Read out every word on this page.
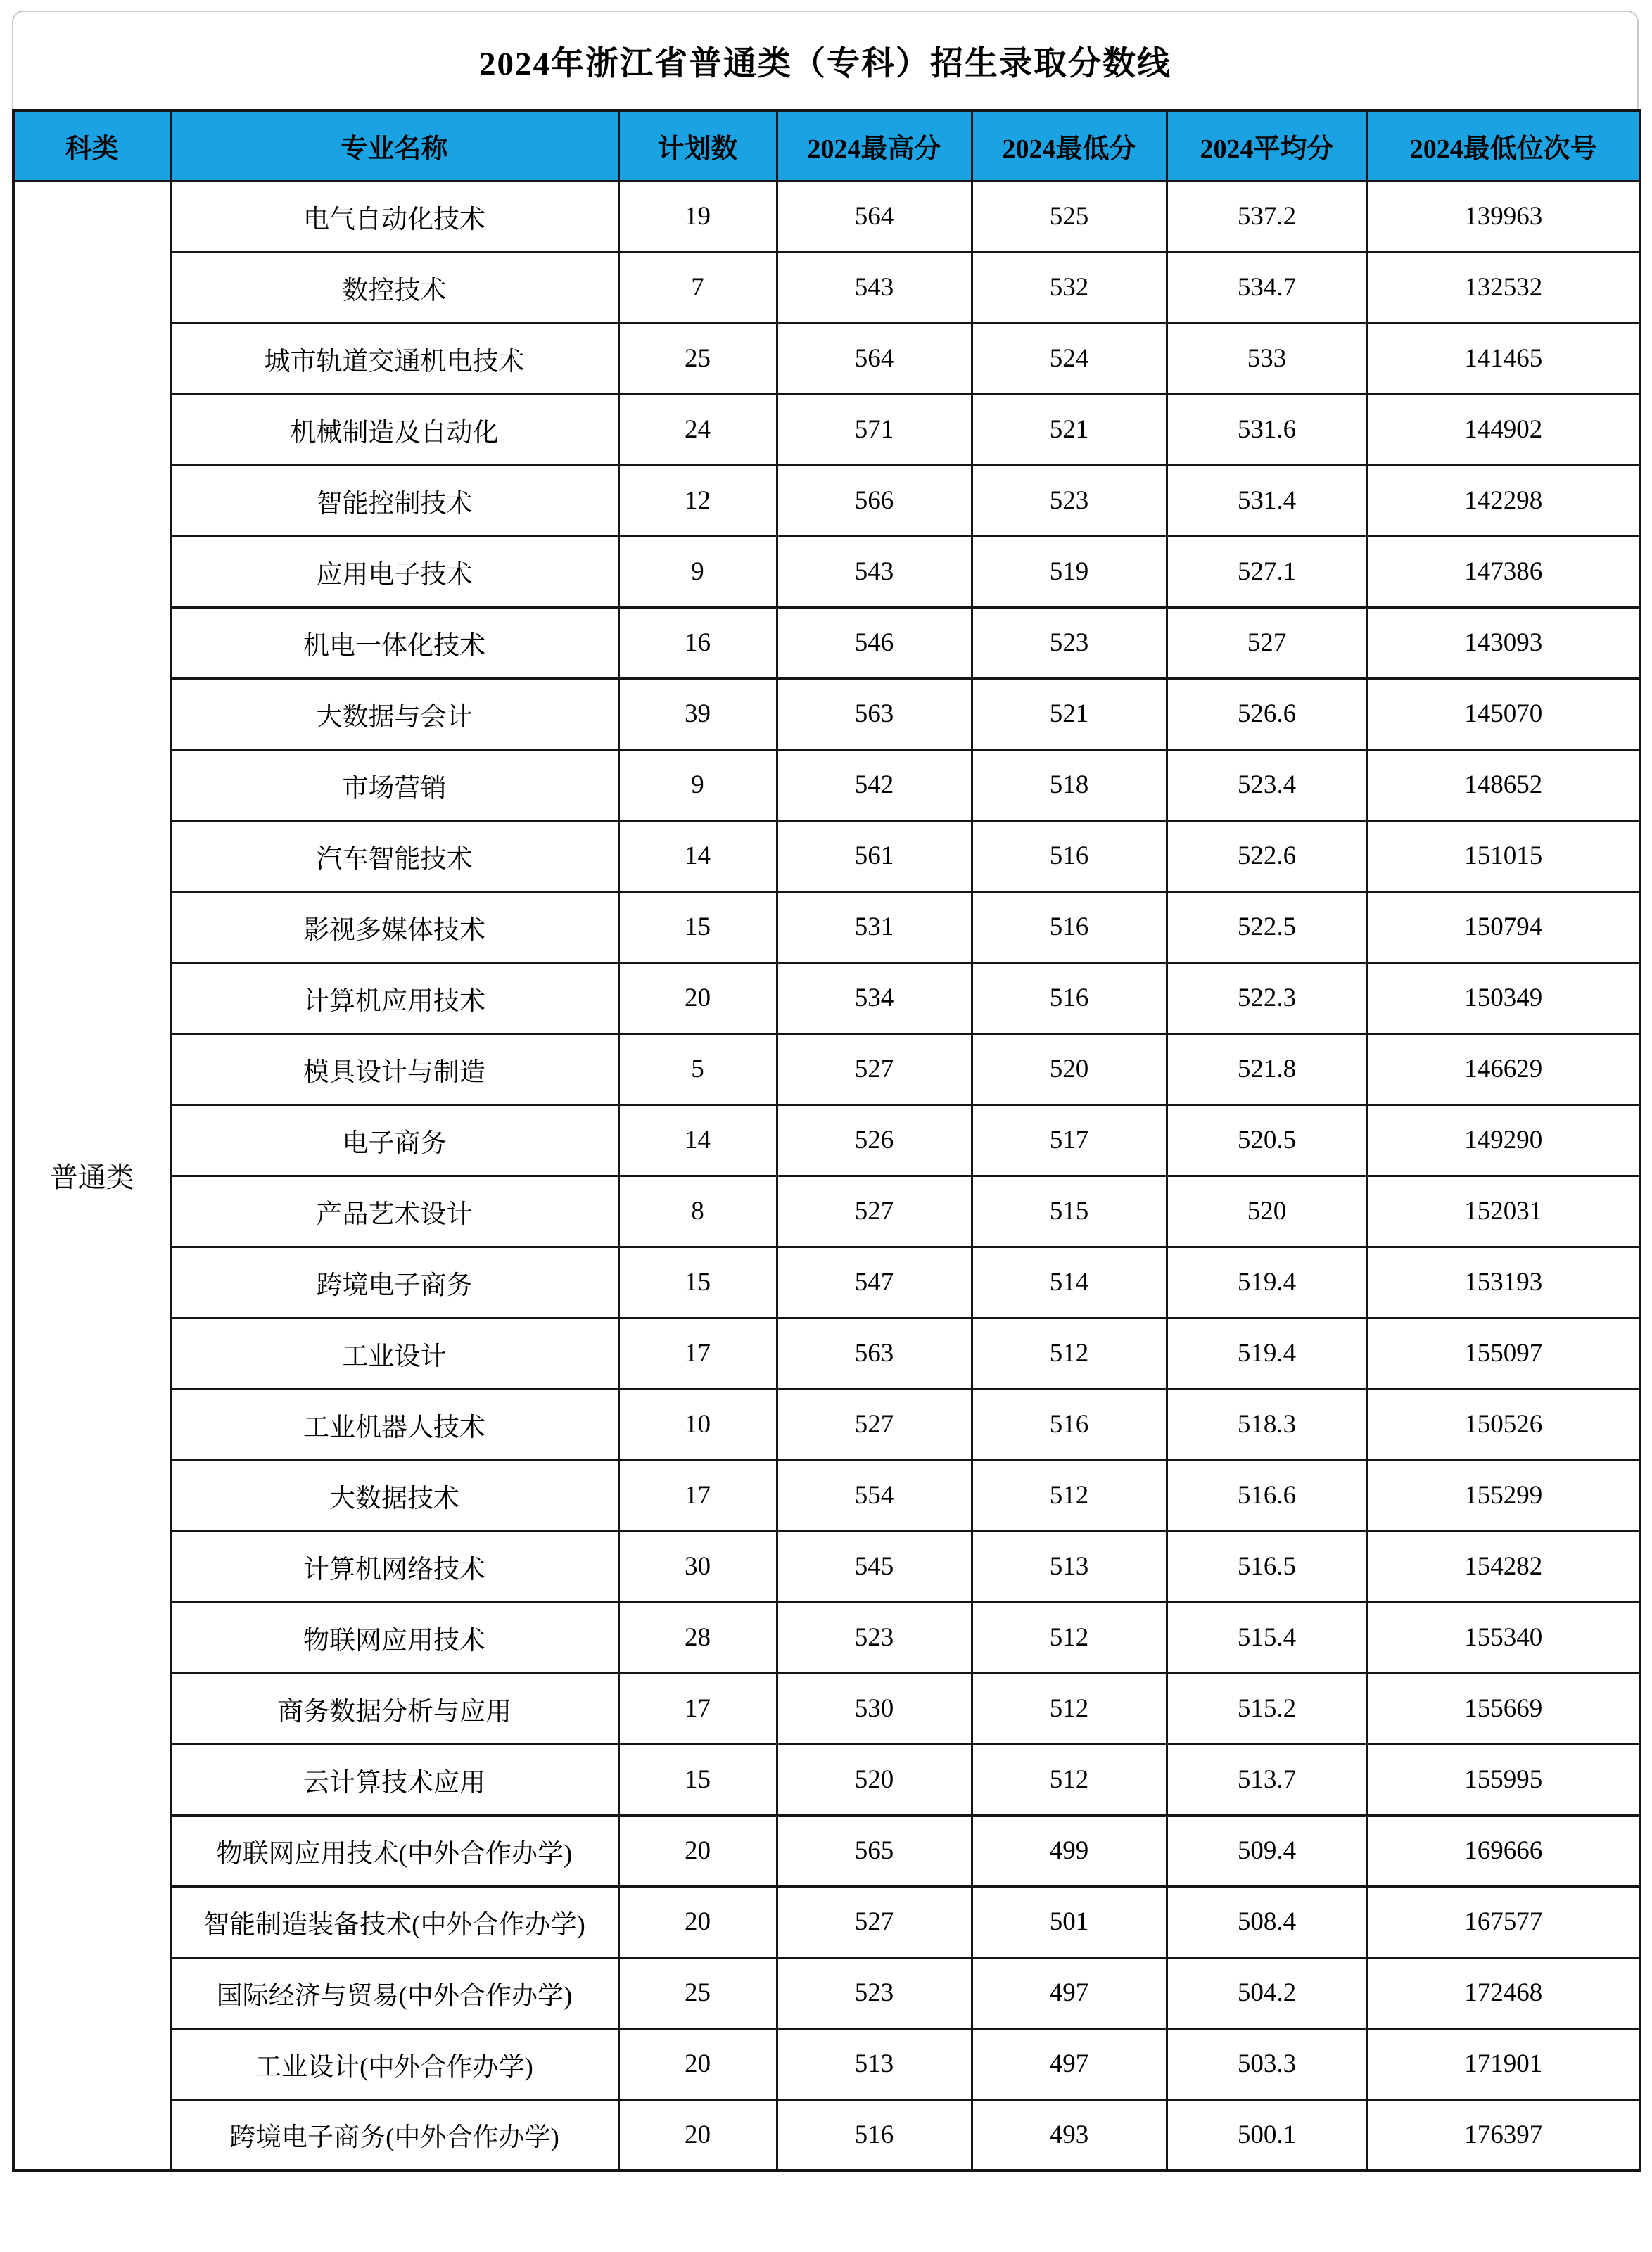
2024年浙江省普通类（专科）招生录取分数线
科类	专业名称	计划数	2024最高分	2024最低分	2024平均分	2024最低位次号
普通类	电气自动化技术	19	564	525	537.2	139963
	数控技术	7	543	532	534.7	132532
	城市轨道交通机电技术	25	564	524	533	141465
	机械制造及自动化	24	571	521	531.6	144902
	智能控制技术	12	566	523	531.4	142298
	应用电子技术	9	543	519	527.1	147386
	机电一体化技术	16	546	523	527	143093
	大数据与会计	39	563	521	526.6	145070
	市场营销	9	542	518	523.4	148652
	汽车智能技术	14	561	516	522.6	151015
	影视多媒体技术	15	531	516	522.5	150794
	计算机应用技术	20	534	516	522.3	150349
	模具设计与制造	5	527	520	521.8	146629
	电子商务	14	526	517	520.5	149290
	产品艺术设计	8	527	515	520	152031
	跨境电子商务	15	547	514	519.4	153193
	工业设计	17	563	512	519.4	155097
	工业机器人技术	10	527	516	518.3	150526
	大数据技术	17	554	512	516.6	155299
	计算机网络技术	30	545	513	516.5	154282
	物联网应用技术	28	523	512	515.4	155340
	商务数据分析与应用	17	530	512	515.2	155669
	云计算技术应用	15	520	512	513.7	155995
	物联网应用技术(中外合作办学)	20	565	499	509.4	169666
	智能制造装备技术(中外合作办学)	20	527	501	508.4	167577
	国际经济与贸易(中外合作办学)	25	523	497	504.2	172468
	工业设计(中外合作办学)	20	513	497	503.3	171901
	跨境电子商务(中外合作办学)	20	516	493	500.1	176397
